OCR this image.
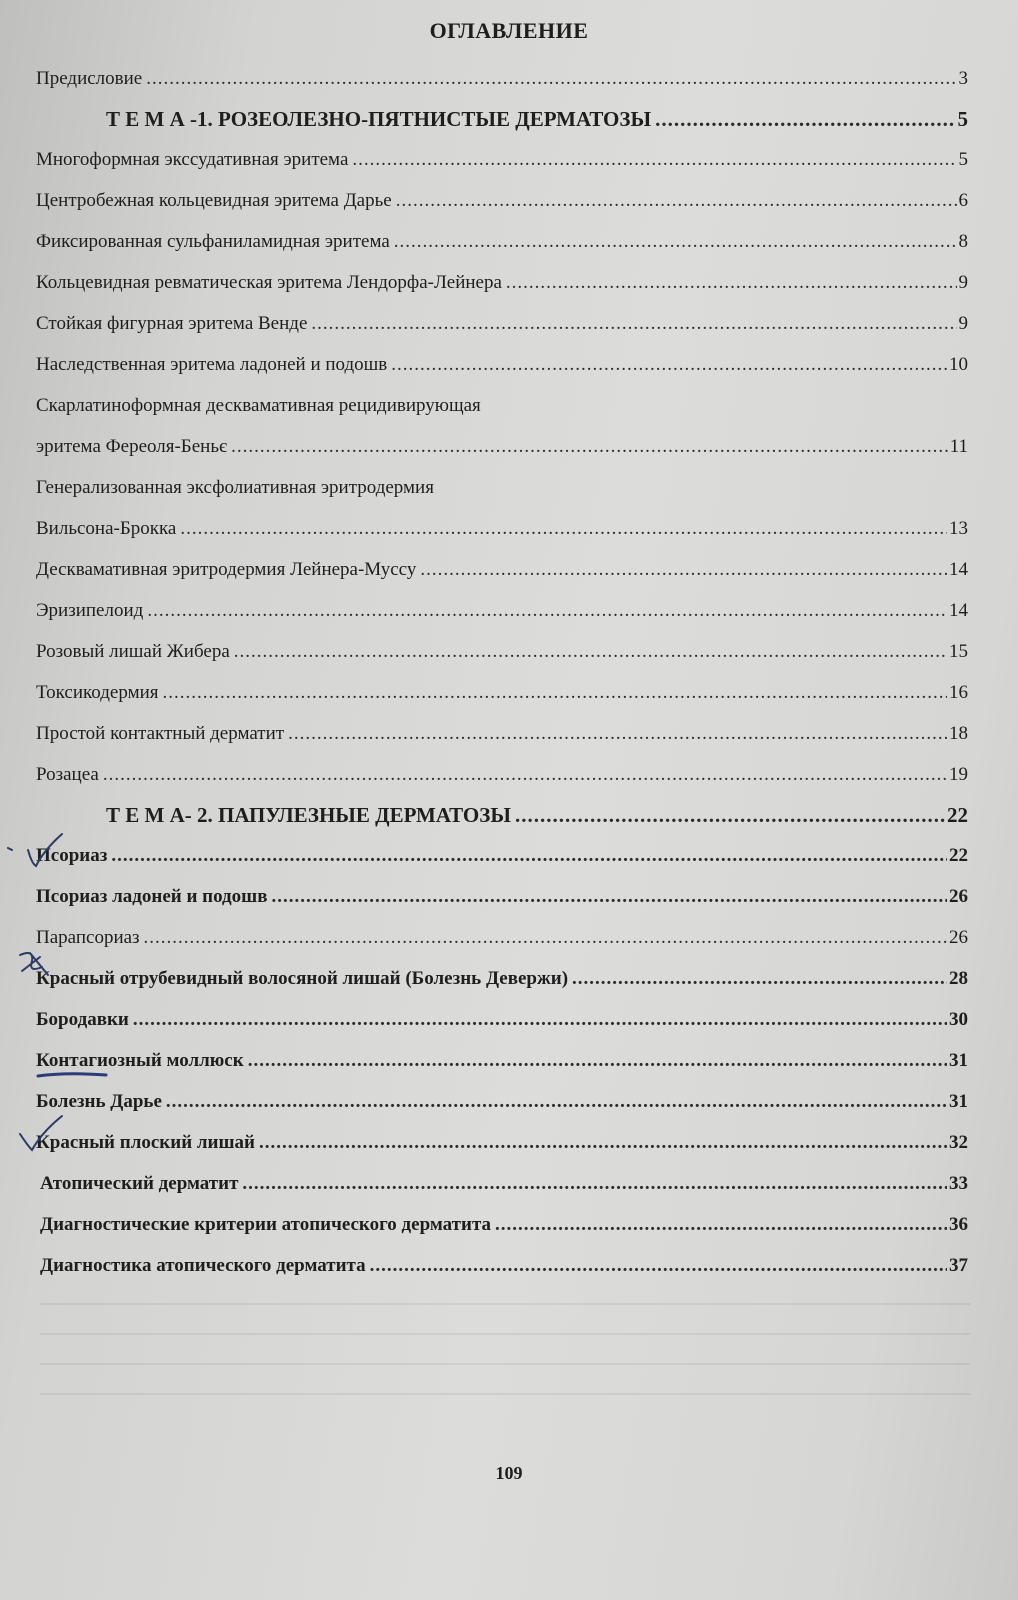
ОГЛАВЛЕНИЕ
Предисловие .....	3
Т Е М А -1. РОЗЕОЛЕЗНО-ПЯТНИСТЫЕ ДЕРМАТОЗЫ .....	5
Многоформная экссудативная эритема .....	5
Центробежная кольцевидная эритема Дарье .....	6
Фиксированная сульфаниламидная эритема .....	8
Кольцевидная ревматическая эритема Лендорфа-Лейнера .....	9
Стойкая фигурная эритема Венде .....	9
Наследственная эритема ладоней и подошв .....	10
Скарлатиноформная десквамативная рецидивирующая
эритема Фереоля-Беньє .....	11
Генерализованная эксфолиативная эритродермия
Вильсона-Брокка .....	13
Десквамативная эритродермия Лейнера-Муссу .....	14
Эризипелоид .....	14
Розовый лишай Жибера .....	15
Токсикодермия .....	16
Простой контактный дерматит .....	18
Розацеа .....	19
Т Е М А- 2. ПАПУЛЕЗНЫЕ ДЕРМАТОЗЫ .....	22
Псориаз .....	22
Псориаз ладоней и подошв .....	26
Парапсориаз .....	26
Красный отрубевидный волосяной лишай (Болезнь Девержи) .....	28
Бородавки .....	30
Контагиозный моллюск .....	31
Болезнь Дарье .....	31
Красный плоский лишай .....	32
Атопический дерматит .....	33
Диагностические критерии атопического дерматита .....	36
Диагностика атопического дерматита .....	37
109
